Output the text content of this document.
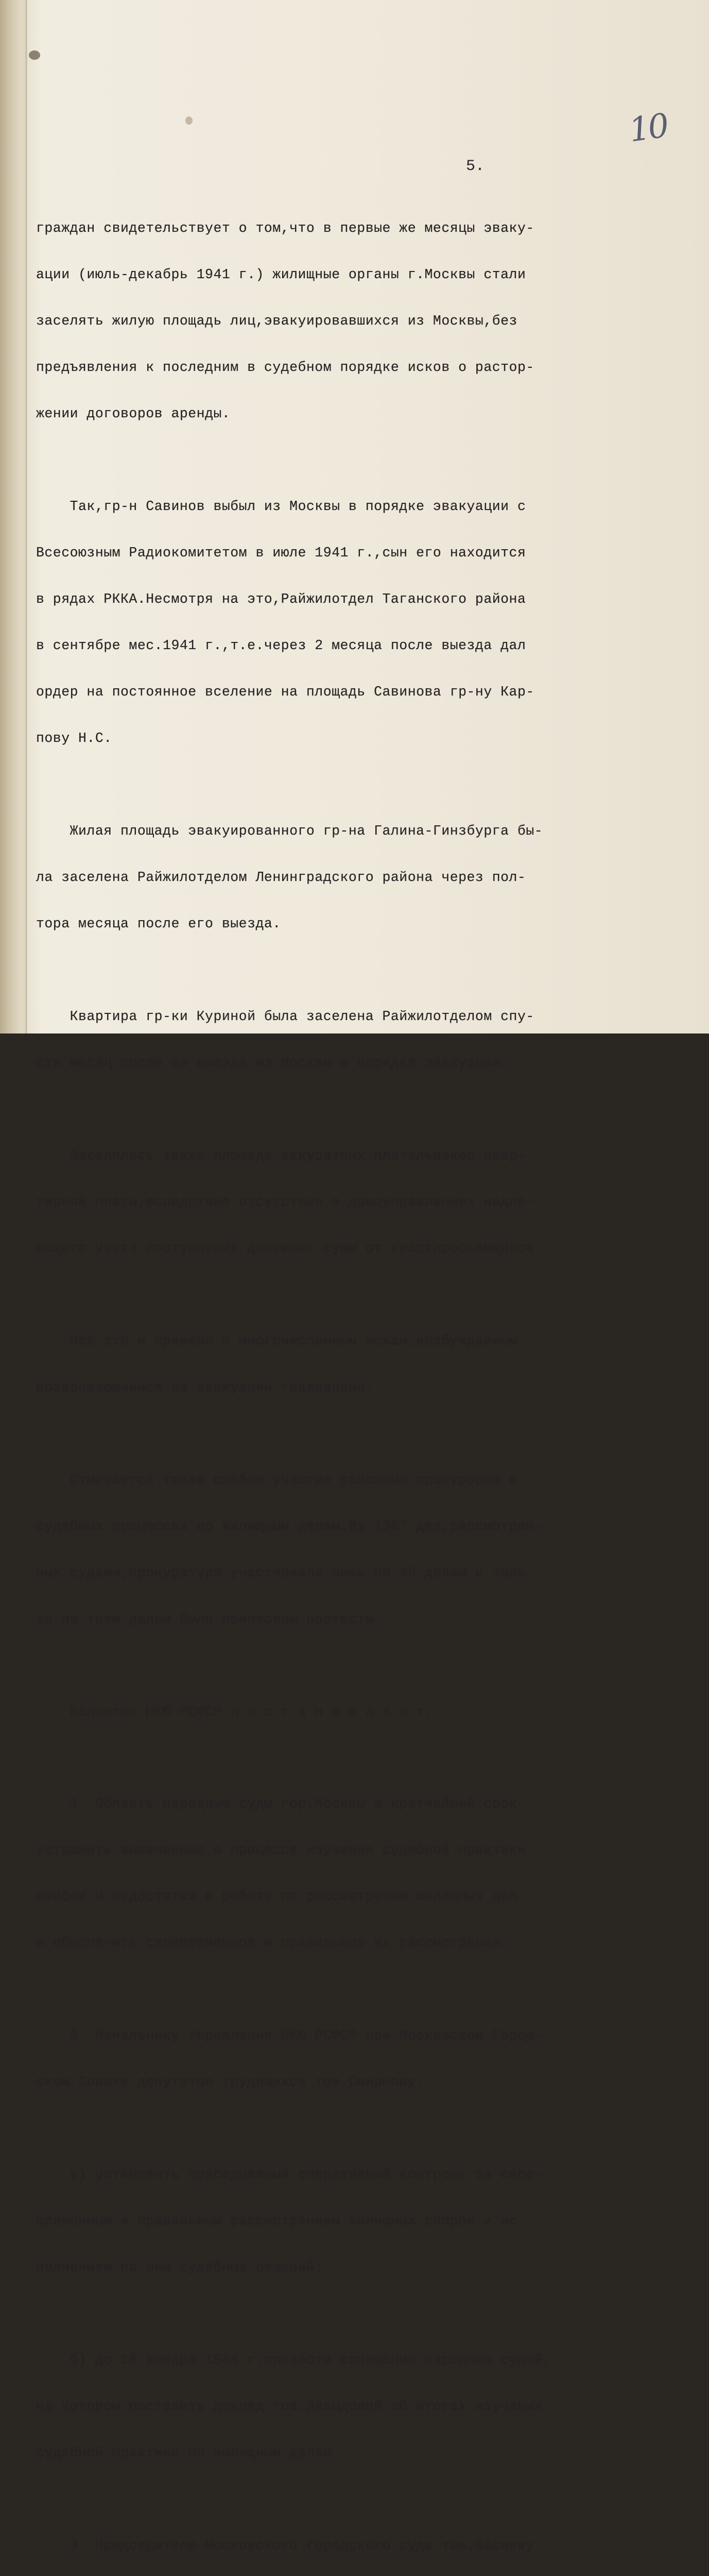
10
5.

граждан свидетельствует о том,что в первые же месяцы эваку-

ации (июль-декабрь 1941 г.) жилищные органы г.Москвы стали

заселять жилую площадь лиц,эвакуировавшихся из Москвы,без

предъявления к последним в судебном порядке исков о растор-

жении договоров аренды.

Так,гр-н Савинов выбыл из Москвы в порядке эвакуации с

Всесоюзным Радиокомитетом в июле 1941 г.,сын его находится

в рядах РККА.Несмотря на это,Райжилотдел Таганского района

в сентябре мес.1941 г.,т.е.через 2 месяца после выезда дал

ордер на постоянное вселение на площадь Савинова гр-ну Кар-

пову Н.С.

Жилая площадь эвакуированного гр-на Галина-Гинзбурга бы-

ла заселена Райжилотделом Ленинградского района через пол-

тора месяца после его выезда.

Квартира гр-ки Куриной была заселена Райжилотделом спу-

стя месяц после ее выезда из Москвы в порядке эвакуации.

Заселялась также площадь аккуратных плательщиков квар-

тирной платы,вследствие отсутствия в домоуправлениях надле-

жащего учета поступления денежных сумм от квартиросъемщиков.

Все это и привело к многочисленным искам,возбуждаемым

возвращающимися из эвакуации гражданами.

Отмечается также слабое участие районных прокуроров в

судебных процессах по жилищным делам.Из 1367 дел,рассмотрен-

ных судами,прокуратура участвовала лишь по 46 делам и толь-

ко по трем делам были принесены протесты.

Коллегия НКЮ РСФСР п о с т а н о в л я е т:

1. Обязать народные суды гор.Москвы в кратчайший срок

устранить выявленные в процессе изучения судебной практики

ошибки и недостатки в работе по рассмотрению жилищных дел

и обеспечить своевременное и правильное их рассмотрение.

2. Начальнику Управления НКЮ РСФСР при Московском Город-

ском Совете депутатов трудящихся тов.Смирнову:

а) установить повседневный оперативный контроль за свое-

временным и правильным рассмотрением жилищных споров и ис-

полнением по ним судебных решений;

б) до 10 января 1944 г.провести совещание народных судей,

на котором поставить доклад тов.Давыдовой об итогах изучения

судебной практики по жилищным делам

3. Председателю Московского городского суда тов.Васневу
